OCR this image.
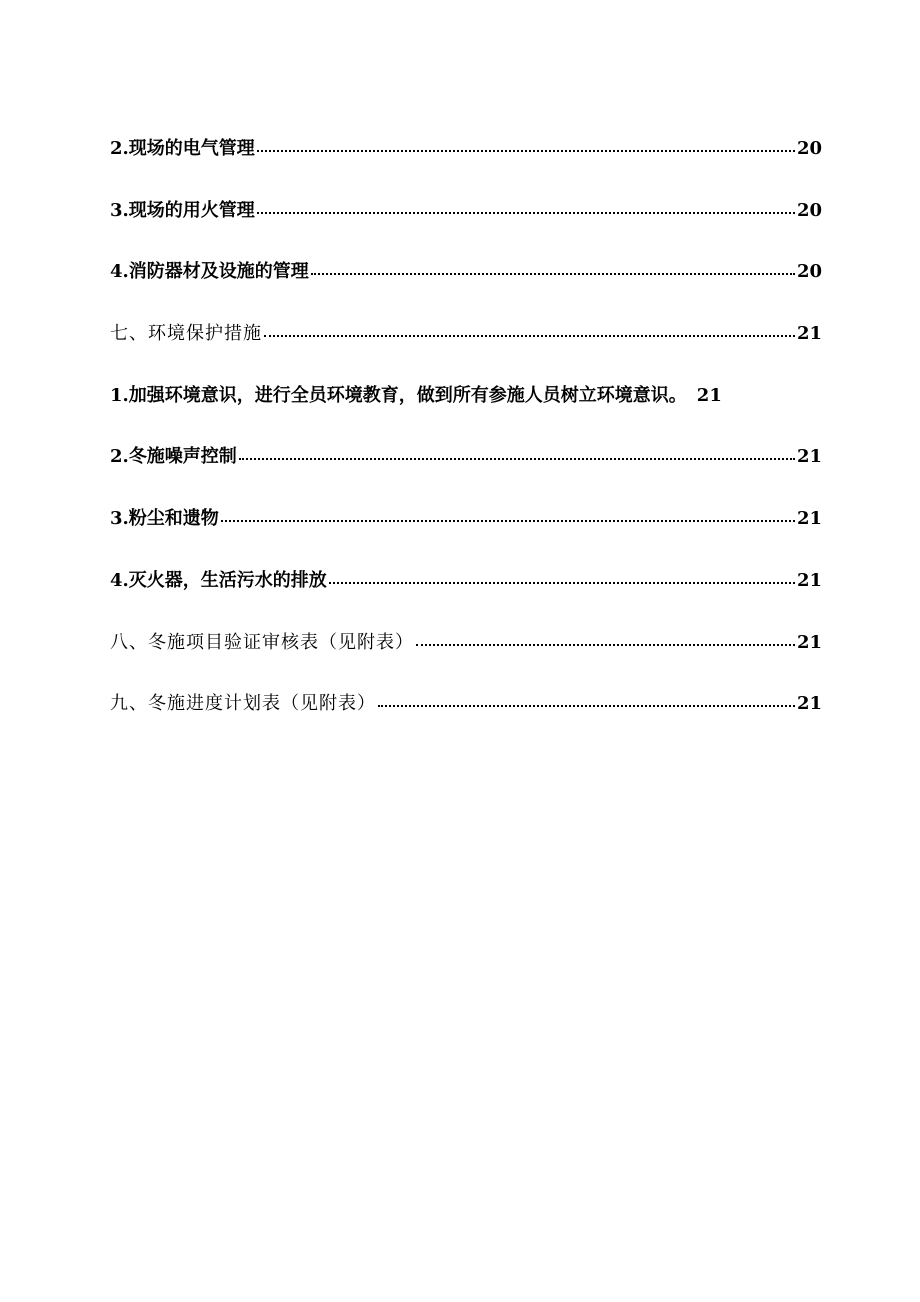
2.现场的电气管理	20
3.现场的用火管理	20
4.消防器材及设施的管理	20
七、环境保护措施	21
1.加强环境意识，进行全员环境教育，做到所有参施人员树立环境意识。 21
2.冬施噪声控制	21
3.粉尘和遗物	21
4.灭火器，生活污水的排放	21
八、冬施项目验证审核表（见附表）	21
九、冬施进度计划表（见附表）	21
